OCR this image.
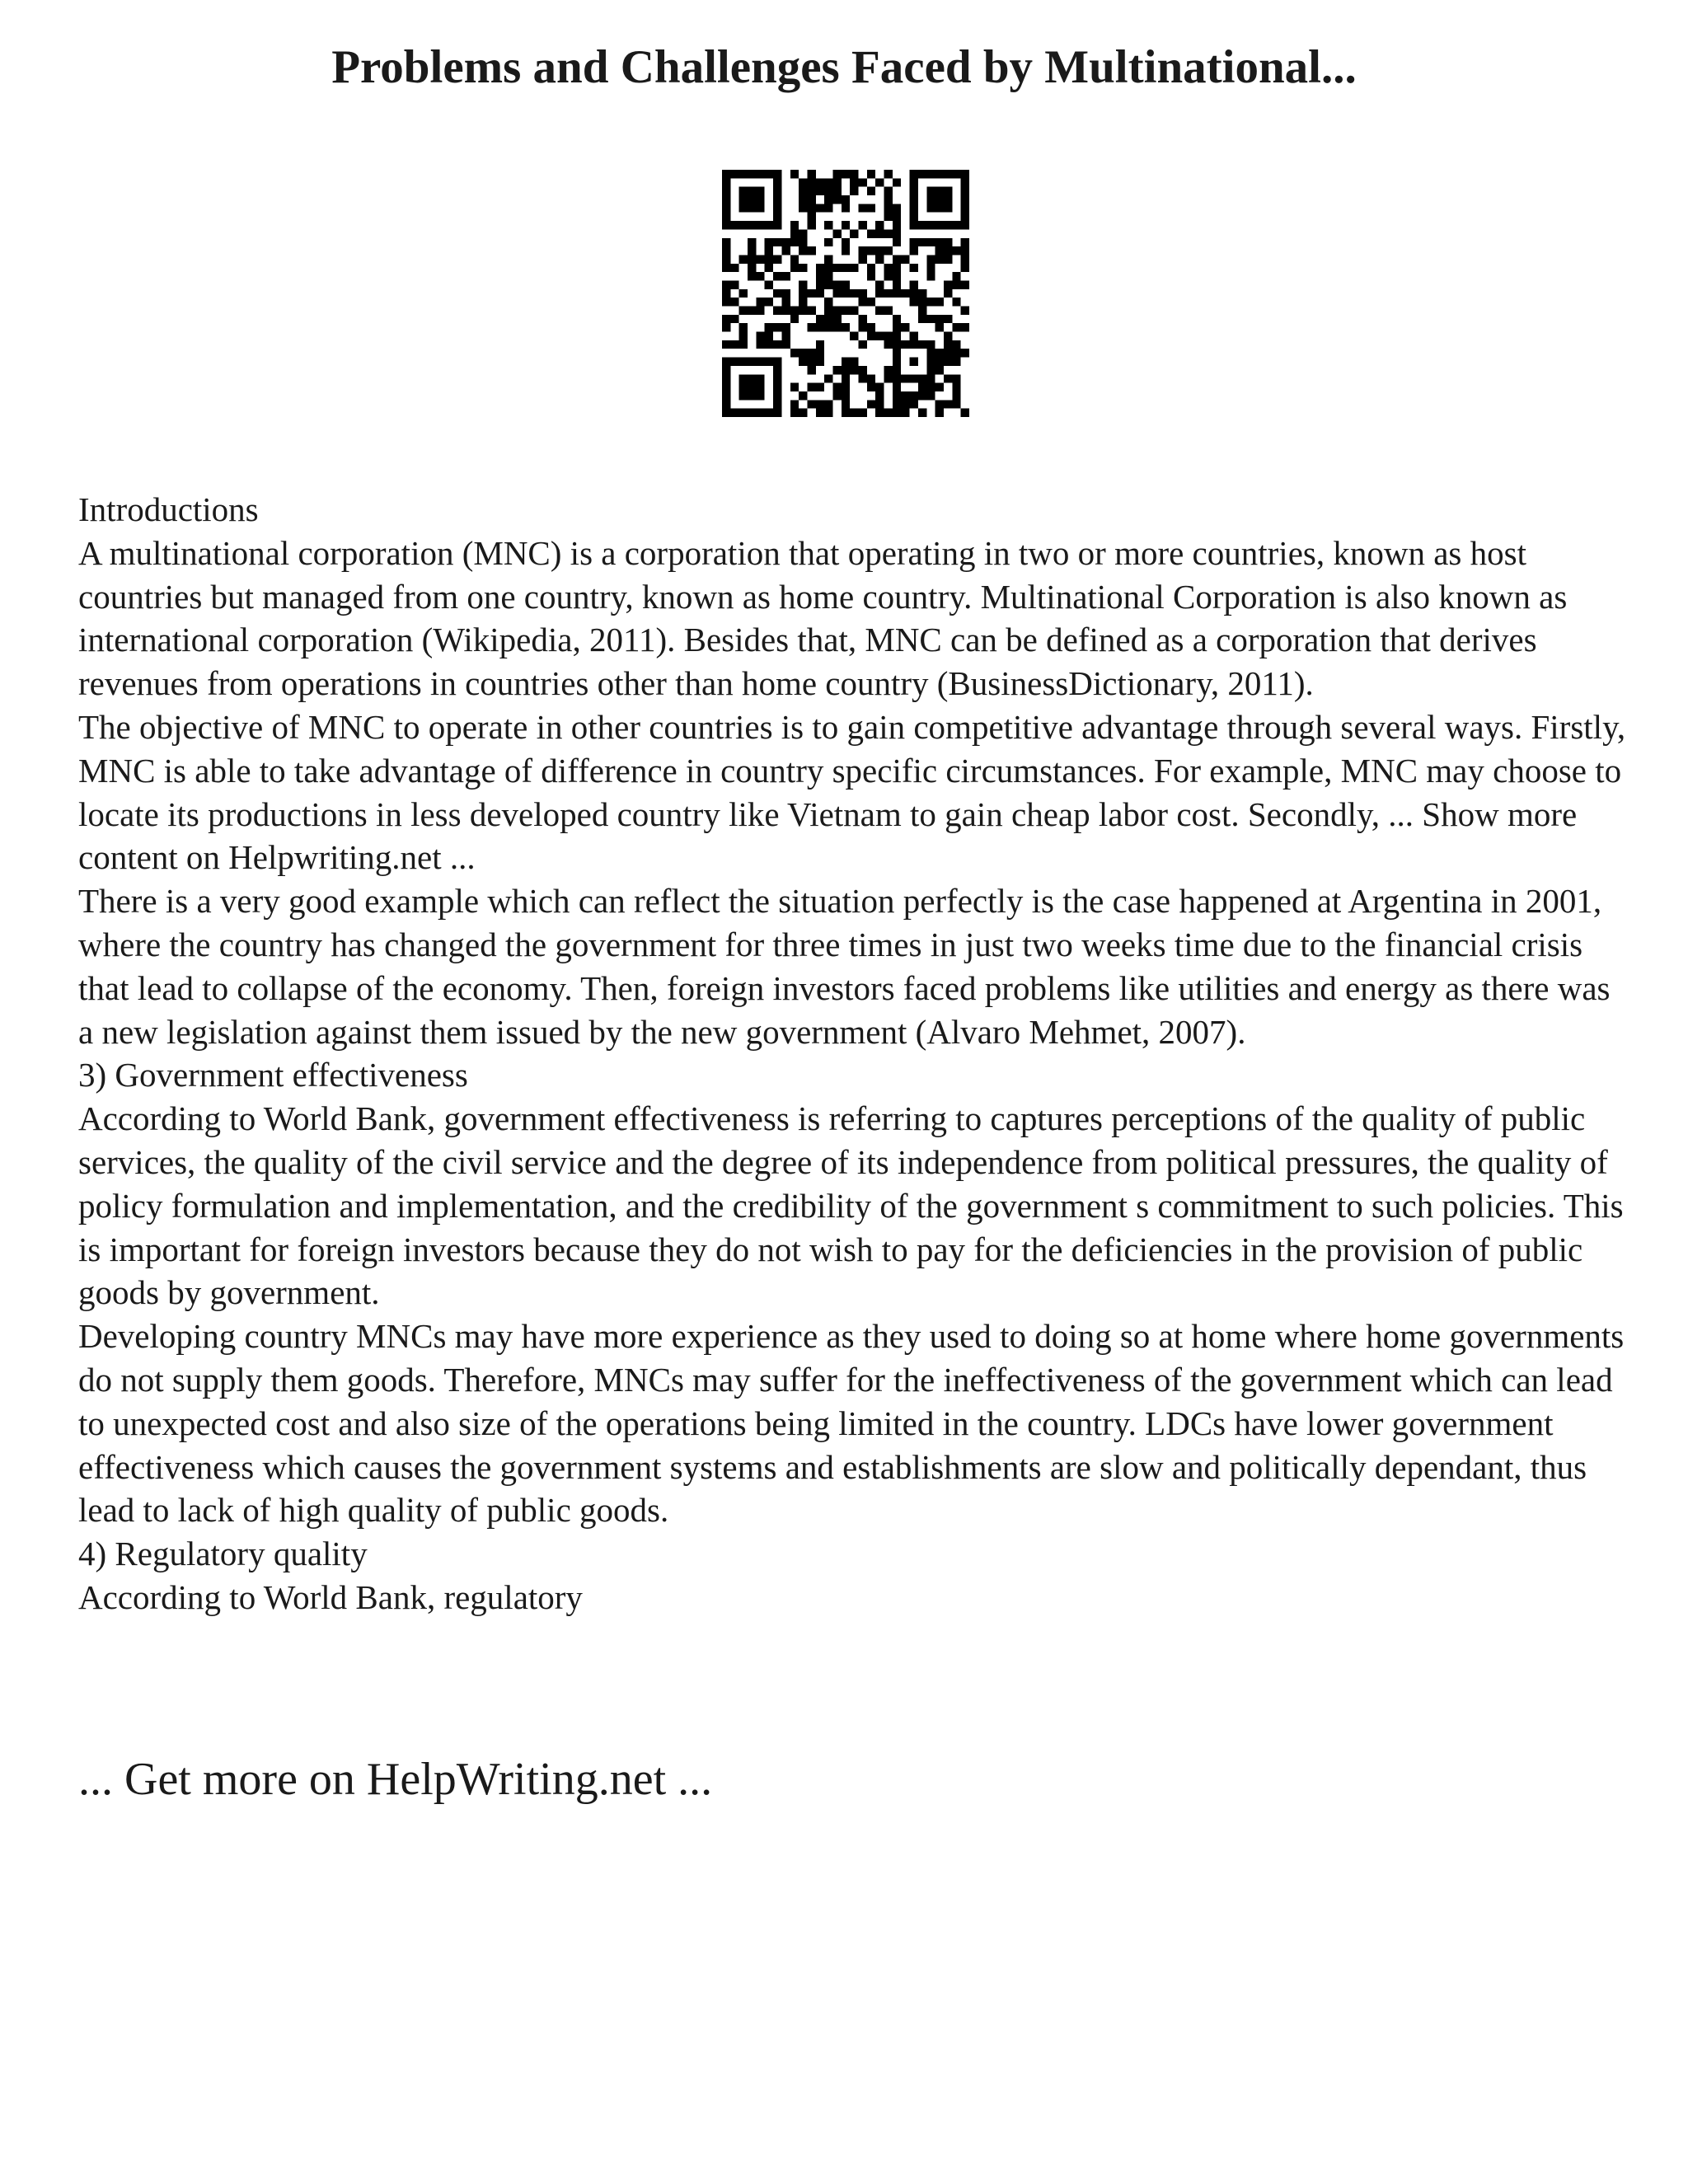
Problems and Challenges Faced by Multinational...

Introductions

A multinational corporation (MNC) is a corporation that operating in two or more countries, known as host countries but managed from one country, known as home country. Multinational Corporation is also known as international corporation (Wikipedia, 2011). Besides that, MNC can be defined as a corporation that derives revenues from operations in countries other than home country (BusinessDictionary, 2011).

The objective of MNC to operate in other countries is to gain competitive advantage through several ways. Firstly, MNC is able to take advantage of difference in country specific circumstances. For example, MNC may choose to locate its productions in less developed country like Vietnam to gain cheap labor cost. Secondly, ... Show more content on Helpwriting.net ...

There is a very good example which can reflect the situation perfectly is the case happened at Argentina in 2001, where the country has changed the government for three times in just two weeks time due to the financial crisis that lead to collapse of the economy. Then, foreign investors faced problems like utilities and energy as there was a new legislation against them issued by the new government (Alvaro Mehmet, 2007).

3) Government effectiveness

According to World Bank, government effectiveness is referring to captures perceptions of the quality of public services, the quality of the civil service and the degree of its independence from political pressures, the quality of policy formulation and implementation, and the credibility of the government s commitment to such policies. This is important for foreign investors because they do not wish to pay for the deficiencies in the provision of public goods by government.

Developing country MNCs may have more experience as they used to doing so at home where home governments do not supply them goods. Therefore, MNCs may suffer for the ineffectiveness of the government which can lead to unexpected cost and also size of the operations being limited in the country. LDCs have lower government effectiveness which causes the government systems and establishments are slow and politically dependant, thus lead to lack of high quality of public goods.

4) Regulatory quality

According to World Bank, regulatory

... Get more on HelpWriting.net ...
